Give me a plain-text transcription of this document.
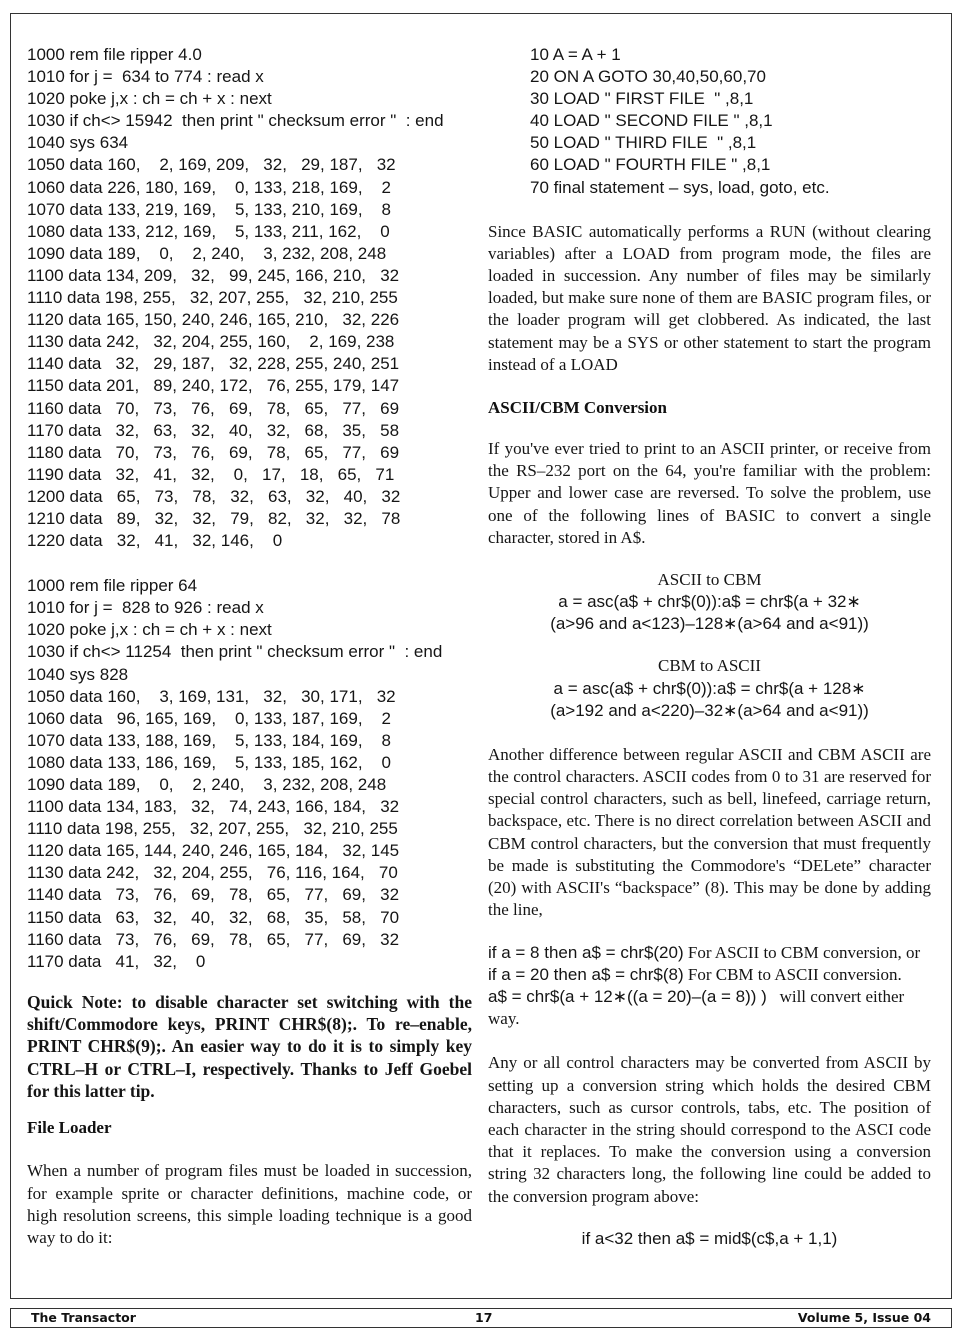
1000 rem file ripper 4.0
1010 for j =  634 to 774 : read x
1020 poke j,x : ch = ch + x : next
1030 if ch<> 15942  then print " checksum error "  : end
1040 sys 634
1050 data 160,    2, 169, 209,   32,   29, 187,   32
1060 data 226, 180, 169,    0, 133, 218, 169,    2
1070 data 133, 219, 169,    5, 133, 210, 169,    8
1080 data 133, 212, 169,    5, 133, 211, 162,    0
1090 data 189,    0,    2, 240,    3, 232, 208, 248
1100 data 134, 209,   32,   99, 245, 166, 210,   32
1110 data 198, 255,   32, 207, 255,   32, 210, 255
1120 data 165, 150, 240, 246, 165, 210,   32, 226
1130 data 242,   32, 204, 255, 160,    2, 169, 238
1140 data   32,   29, 187,   32, 228, 255, 240, 251
1150 data 201,   89, 240, 172,   76, 255, 179, 147
1160 data   70,   73,   76,   69,   78,   65,   77,   69
1170 data   32,   63,   32,   40,   32,   68,   35,   58
1180 data   70,   73,   76,   69,   78,   65,   77,   69
1190 data   32,   41,   32,    0,   17,   18,   65,   71
1200 data   65,   73,   78,   32,   63,   32,   40,   32
1210 data   89,   32,   32,   79,   82,   32,   32,   78
1220 data   32,   41,   32, 146,    0
1000 rem file ripper 64
1010 for j =  828 to 926 : read x
1020 poke j,x : ch = ch + x : next
1030 if ch<> 11254  then print " checksum error "  : end
1040 sys 828
1050 data 160,    3, 169, 131,   32,   30, 171,   32
1060 data   96, 165, 169,    0, 133, 187, 169,    2
1070 data 133, 188, 169,    5, 133, 184, 169,    8
1080 data 133, 186, 169,    5, 133, 185, 162,    0
1090 data 189,    0,    2, 240,    3, 232, 208, 248
1100 data 134, 183,   32,   74, 243, 166, 184,   32
1110 data 198, 255,   32, 207, 255,   32, 210, 255
1120 data 165, 144, 240, 246, 165, 184,   32, 145
1130 data 242,   32, 204, 255,   76, 116, 164,   70
1140 data   73,   76,   69,   78,   65,   77,   69,   32
1150 data   63,   32,   40,   32,   68,   35,   58,   70
1160 data   73,   76,   69,   78,   65,   77,   69,   32
1170 data   41,   32,    0
Quick Note: to disable character set switching with the shift/Commodore keys, PRINT CHR$(8);. To re–enable, PRINT CHR$(9);. An easier way to do it is to simply key CTRL–H or CTRL–I, respectively. Thanks to Jeff Goebel for this latter tip.
File Loader
When a number of program files must be loaded in succession, for example sprite or character definitions, machine code, or high resolution screens, this simple loading technique is a good way to do it:
10 A = A + 1
20 ON A GOTO 30,40,50,60,70
30 LOAD " FIRST FILE  " ,8,1
40 LOAD " SECOND FILE " ,8,1
50 LOAD " THIRD FILE  " ,8,1
60 LOAD " FOURTH FILE " ,8,1
70 final statement – sys, load, goto, etc.
Since BASIC automatically performs a RUN (without clearing variables) after a LOAD from program mode, the files are loaded in succession. Any number of files may be similarly loaded, but make sure none of them are BASIC program files, or the loader program will get clobbered. As indicated, the last statement may be a SYS or other statement to start the program instead of a LOAD
ASCII/CBM Conversion
If you've ever tried to print to an ASCII printer, or receive from the RS–232 port on the 64, you're familiar with the problem: Upper and lower case are reversed. To solve the problem, use one of the following lines of BASIC to convert a single character, stored in A$.
ASCII to CBM
a = asc(a$ + chr$(0)):a$ = chr$(a + 32∗
(a>96 and a<123)–128∗(a>64 and a<91))
CBM to ASCII
a = asc(a$ + chr$(0)):a$ = chr$(a + 128∗
(a>192 and a<220)–32∗(a>64 and a<91))
Another difference between regular ASCII and CBM ASCII are the control characters. ASCII codes from 0 to 31 are reserved for special control characters, such as bell, linefeed, carriage return, backspace, etc. There is no direct correlation between ASCII and CBM control characters, but the conversion that must frequently be made is substituting the Commodore's “DELete” character (20) with ASCII's “backspace” (8). This may be done by adding the line,
if a = 8 then a$ = chr$(20) For ASCII to CBM conversion, or
if a = 20 then a$ = chr$(8) For CBM to ASCII conversion.
a$ = chr$(a + 12∗((a = 20)–(a = 8)) ) will convert either way.
Any or all control characters may be converted from ASCII by setting up a conversion string which holds the desired CBM characters, such as cursor controls, tabs, etc. The position of each character in the string should correspond to the ASCI code that it replaces. To make the conversion using a conversion string 32 characters long, the following line could be added to the conversion program above:
if a<32 then a$ = mid$(c$,a + 1,1)
The Transactor	17	Volume 5, Issue 04
